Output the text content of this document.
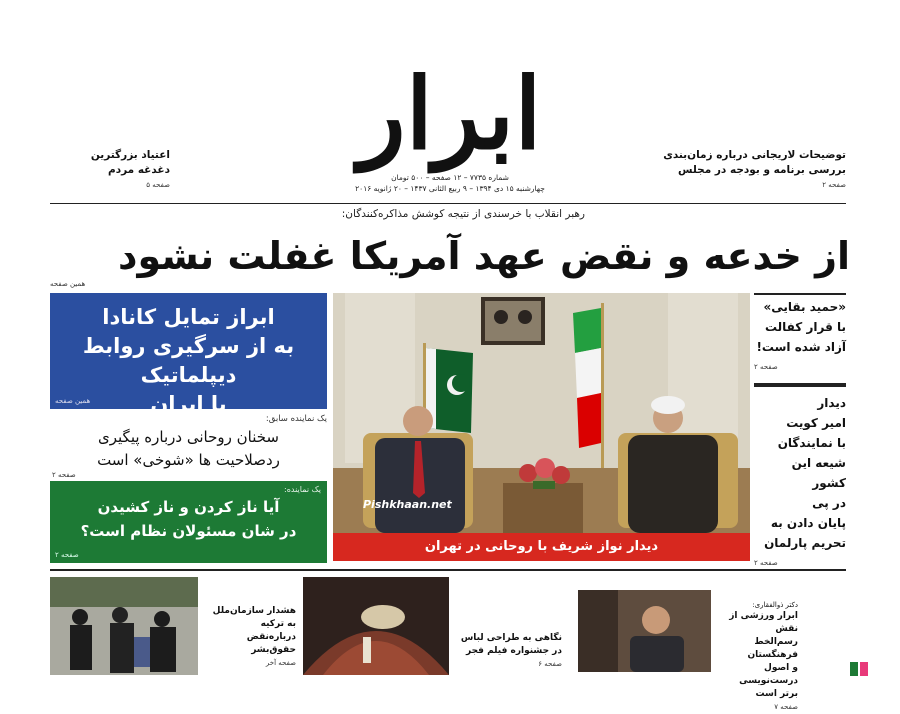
ابرار
شماره ۷۷۳۵ – ۱۲ صفحه – ۵۰۰ تومان
چهارشنبه ۱۵ دی ۱۳۹۴ – ۹ ربیع الثانی ۱۴۳۷ – ۲۰ ژانویه ۲۰۱۶
توضیحات لاریجانی درباره زمان‌بندی
بررسی برنامه و بودجه در مجلس
صفحه ۲
اعتیاد بزرگترین
دغدغه مردم
صفحه ۵
رهبر انقلاب با خرسندی از نتیجه کوشش مذاکره‌کنندگان:
از خدعه و نقض عهد آمریکا غفلت نشود
همین صفحه
ابراز تمایل کانادا
به از سرگیری روابط دیپلماتیک
با ایران
همین صفحه
یک نماینده سابق:
سخنان روحانی درباره پیگیری
ردصلاحیت ها «شوخی» است
صفحه ۲
یک نماینده:
آیا ناز کردن و ناز کشیدن
در شان مسئولان نظام است؟
صفحه ۲
Pishkhaan.net
دیدار نواز شریف با روحانی در تهران
«حمید بقایی»
با قرار کفالت
آزاد شده است!
صفحه ۲
دیدار
امیر کویت
با نمایندگان
شیعه این کشور
در پی
پایان دادن به
تحریم پارلمان
صفحه ۲
هشدار سازمان‌ملل
به ترکیه
درباره‌نقض
حقوق‌بشر
صفحه آخر
نگاهی به طراحی لباس
در جشنواره فیلم فجر
صفحه ۶
دکتر ذوالفقاری:
ابرار ورزشی از نقش
رسم‌الخط فرهنگستان
و اصول درست‌نویسی
برتر است
صفحه ۷
